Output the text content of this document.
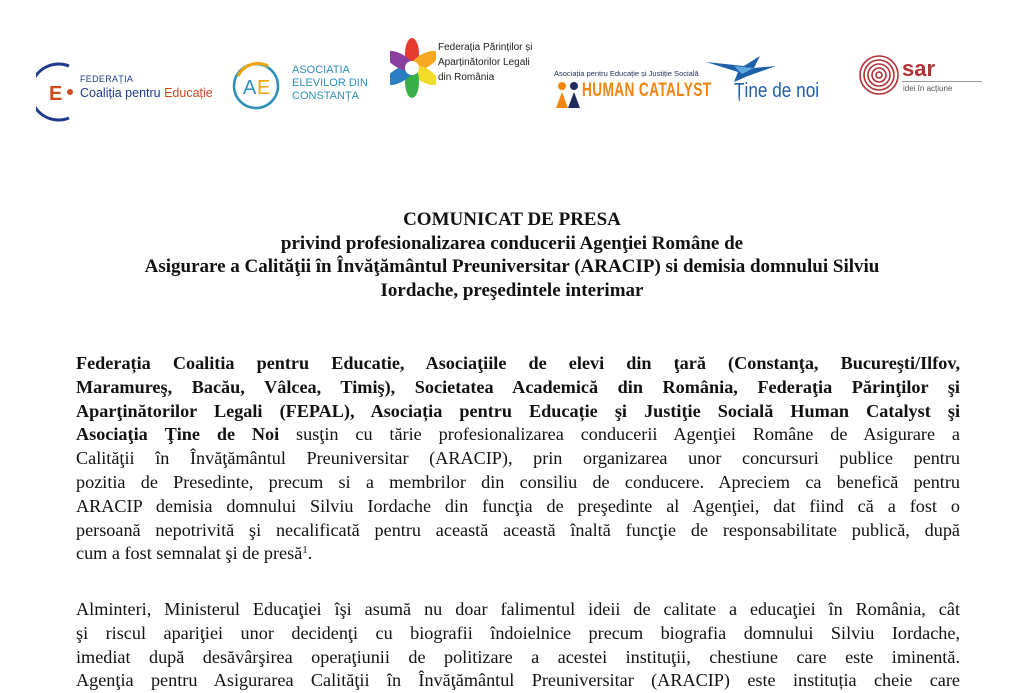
E
FEDERAȚIA
Coaliția pentru Educație A E
ASOCIATIA
ELEVILOR DIN
CONSTANȚA
Federația Părinților și
Aparținătorilor Legali
din România	Asociația pentru Educație și Justiție Socială
HUMAN CATALYST Ține de noi
sar
idei în acțiune
COMUNICAT DE PRESA
privind profesionalizarea conducerii Agenţiei Române de
Asigurare a Calităţii în Învăţământul Preuniversitar (ARACIP) si demisia domnului Silviu
Iordache, preşedintele interimar
Federația Coalitia pentru Educatie, Asociaţiile de elevi din ţară (Constanţa, Bucureşti/Ilfov,
Maramureş, Bacău, Vâlcea, Timiş), Societatea Academică din România, Federaţia Părinţilor şi
Aparţinătorilor Legali (FEPAL), Asociația pentru Educație şi Justiţie Socială Human Catalyst şi
Asociaţia Ţine de Noi susţin cu tărie profesionalizarea conducerii Agenţiei Române de Asigurare a
Calităţii în Învăţământul Preuniversitar (ARACIP), prin organizarea unor concursuri publice pentru
pozitia de Presedinte, precum si a membrilor din consiliu de conducere. Apreciem ca benefică pentru
ARACIP demisia domnului Silviu Iordache din funcţia de preşedinte al Agenţiei, dat fiind că a fost o
persoană nepotrivită şi necalificată pentru această această înaltă funcţie de responsabilitate publică, după
cum a fost semnalat şi de presă$^1$.
Alminteri, Ministerul Educaţiei îşi asumă nu doar falimentul ideii de calitate a educaţiei în România, cât
şi riscul apariţiei unor decidenţi cu biografii îndoielnice precum biografia domnului Silviu Iordache,
imediat după desăvârşirea operaţiunii de politizare a acestei instituţii, chestiune care este iminentă.
Agenţia pentru Asigurarea Calităţii în Învăţământul Preuniversitar (ARACIP) este instituția cheie care
